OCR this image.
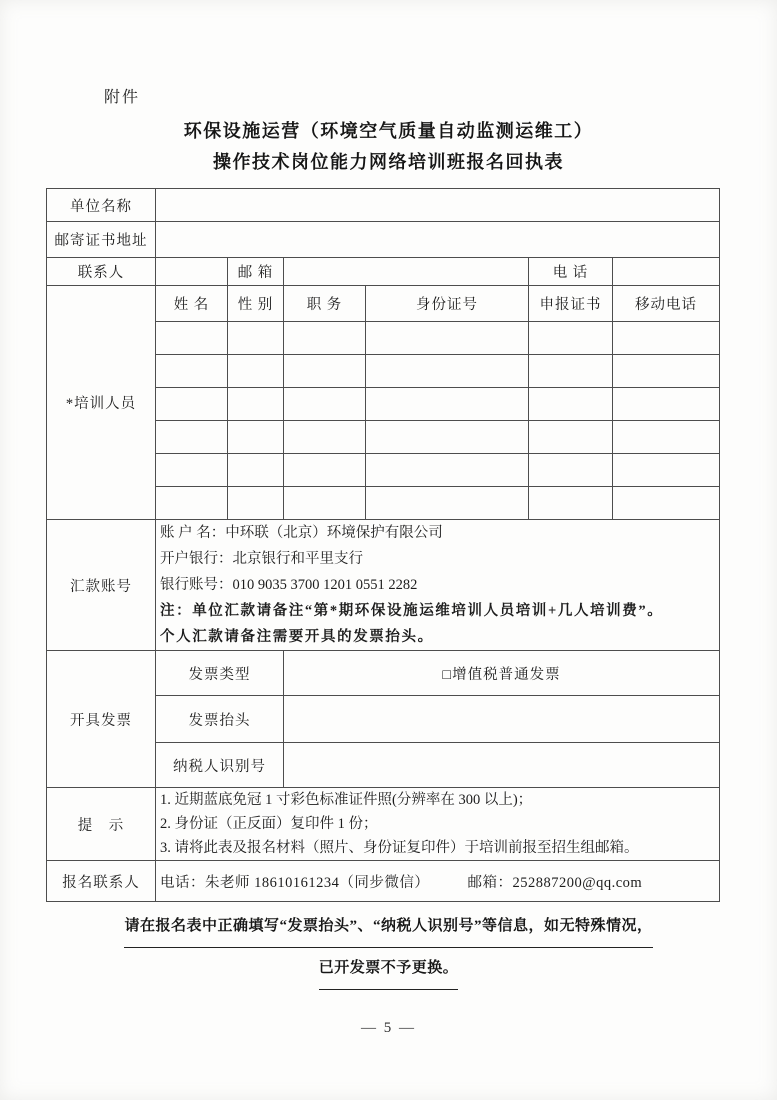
附件
环保设施运营（环境空气质量自动监测运维工）
操作技术岗位能力网络培训班报名回执表
单位名称						
邮寄证书地址						
联系人		邮 箱			电 话	
*培训人员	姓 名	性 别	职 务	身份证号	申报证书	移动电话

汇款账号	账 户 名：中环联（北京）环境保护有限公司
开户银行：北京银行和平里支行
银行账号：010 9035 3700 1201 0551 2282
注：单位汇款请备注“第*期环保设施运维培训人员培训+几人培训费”。
个人汇款请备注需要开具的发票抬头。					

开具发票	发票类型		□增值税普通发票			
	发票抬头					
	纳税人识别号					
提　示	1. 近期蓝底免冠 1 寸彩色标准证件照(分辨率在 300 以上)；
2. 身份证（正反面）复印件 1 份；
3. 请将此表及报名材料（照片、身份证复印件）于培训前报至招生组邮箱。					

报名联系人	电话：朱老师 18610161234（同步微信） 邮箱：252887200@qq.com					
请在报名表中正确填写“发票抬头”、“纳税人识别号”等信息，如无特殊情况，
已开发票不予更换。
— 5 —
